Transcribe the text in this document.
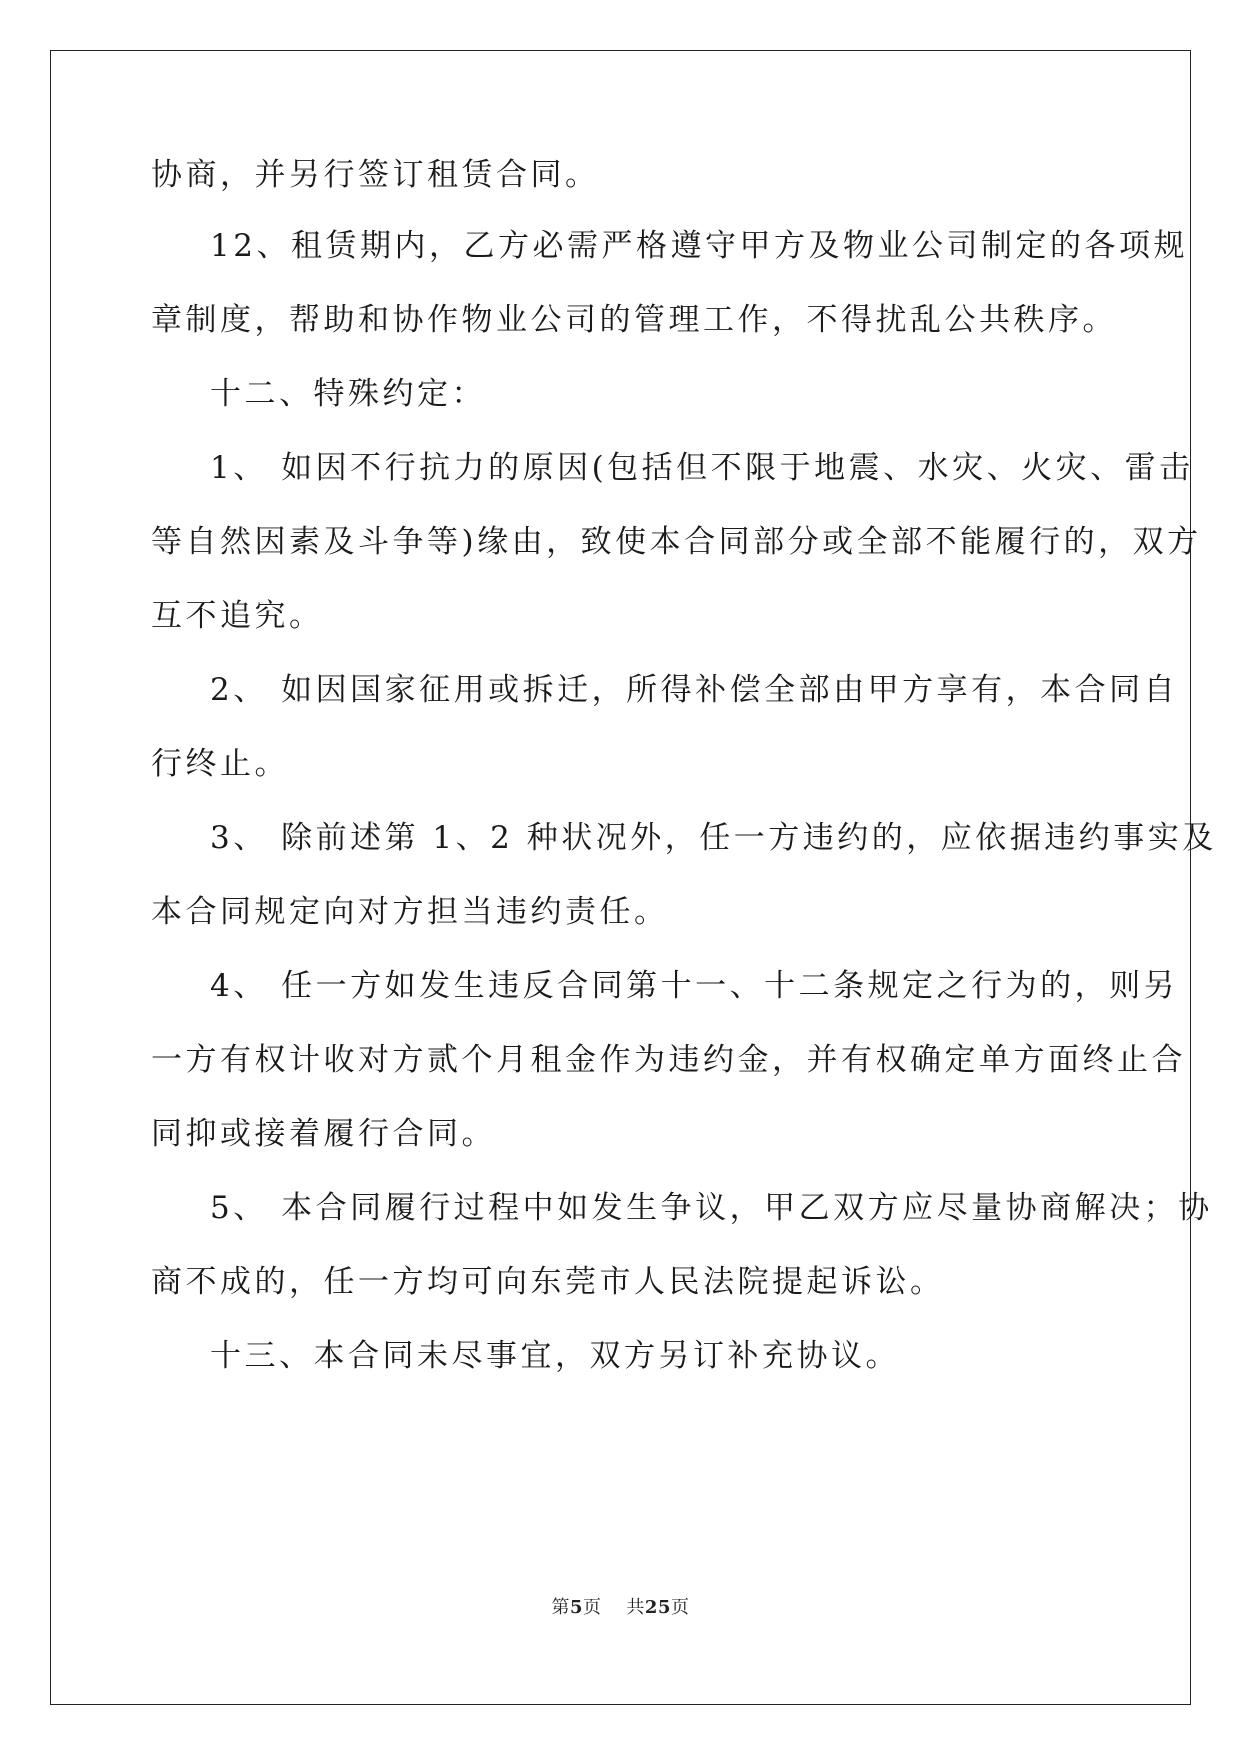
协商，并另行签订租赁合同。
12、租赁期内，乙方必需严格遵守甲方及物业公司制定的各项规
章制度，帮助和协作物业公司的管理工作，不得扰乱公共秩序。
十二、特殊约定：
1、 如因不行抗力的原因(包括但不限于地震、水灾、火灾、雷击
等自然因素及斗争等)缘由，致使本合同部分或全部不能履行的，双方
互不追究。
2、 如因国家征用或拆迁，所得补偿全部由甲方享有，本合同自
行终止。
3、 除前述第 1、2 种状况外，任一方违约的，应依据违约事实及
本合同规定向对方担当违约责任。
4、 任一方如发生违反合同第十一、十二条规定之行为的，则另
一方有权计收对方贰个月租金作为违约金，并有权确定单方面终止合
同抑或接着履行合同。
5、 本合同履行过程中如发生争议，甲乙双方应尽量协商解决；协
商不成的，任一方均可向东莞市人民法院提起诉讼。
十三、本合同未尽事宜，双方另订补充协议。
第5页 共25页
